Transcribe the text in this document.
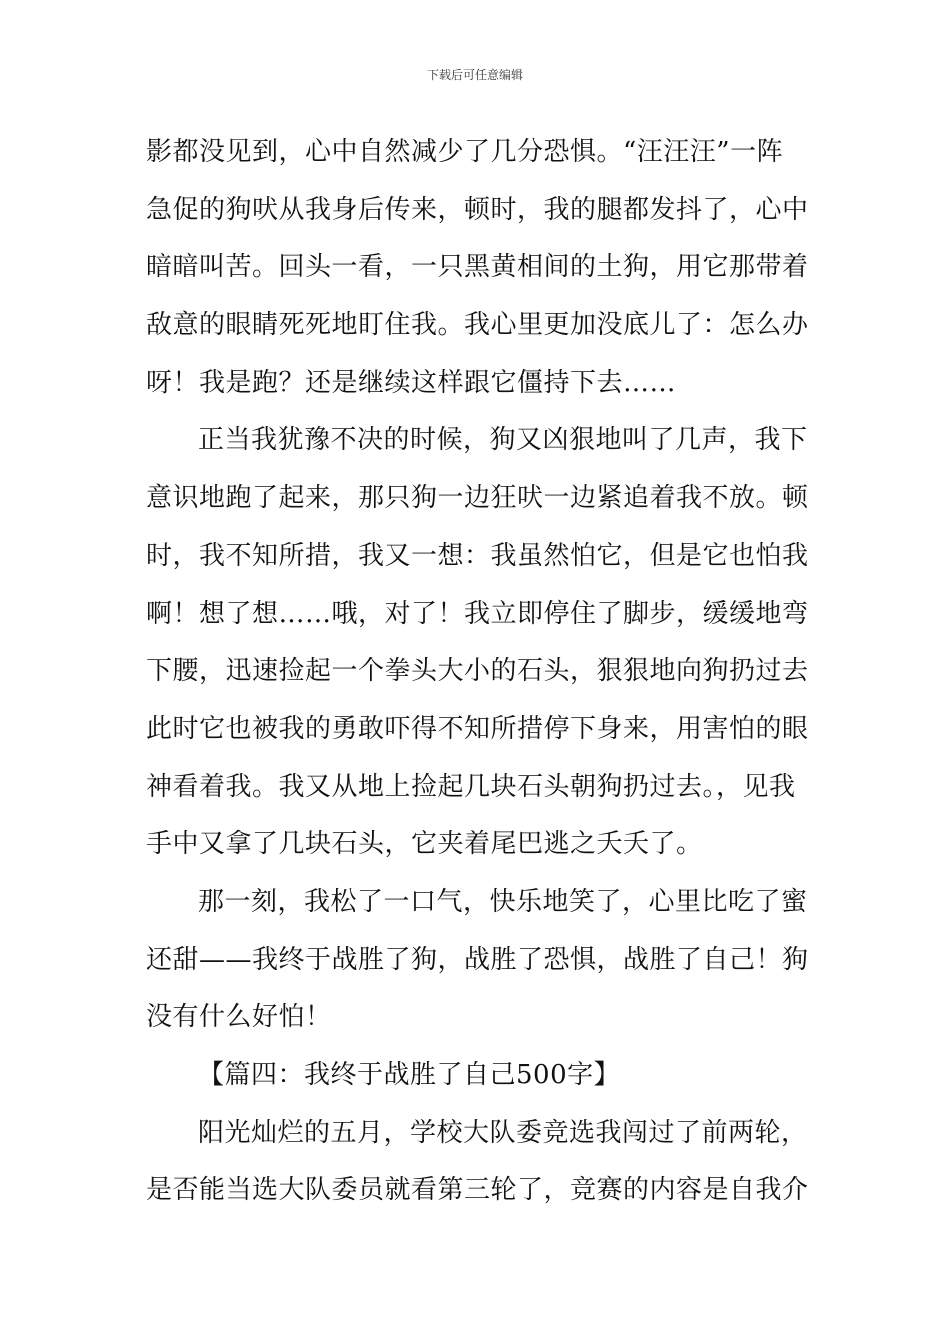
下载后可任意编辑
影都没见到，心中自然减少了几分恐惧。“汪汪汪”一阵
急促的狗吠从我身后传来，顿时，我的腿都发抖了，心中
暗暗叫苦。回头一看，一只黑黄相间的土狗，用它那带着
敌意的眼睛死死地盯住我。我心里更加没底儿了：怎么办
呀！我是跑？还是继续这样跟它僵持下去……
正当我犹豫不决的时候，狗又凶狠地叫了几声，我下
意识地跑了起来，那只狗一边狂吠一边紧追着我不放。顿
时，我不知所措，我又一想：我虽然怕它，但是它也怕我
啊！想了想……哦，对了！我立即停住了脚步，缓缓地弯
下腰，迅速捡起一个拳头大小的石头，狠狠地向狗扔过去
此时它也被我的勇敢吓得不知所措停下身来，用害怕的眼
神看着我。我又从地上捡起几块石头朝狗扔过去。，见我
手中又拿了几块石头，它夹着尾巴逃之夭夭了。
那一刻，我松了一口气，快乐地笑了，心里比吃了蜜
还甜——我终于战胜了狗，战胜了恐惧，战胜了自己！狗
没有什么好怕！
【篇四：我终于战胜了自己500字】
阳光灿烂的五月，学校大队委竞选我闯过了前两轮，
是否能当选大队委员就看第三轮了，竞赛的内容是自我介
